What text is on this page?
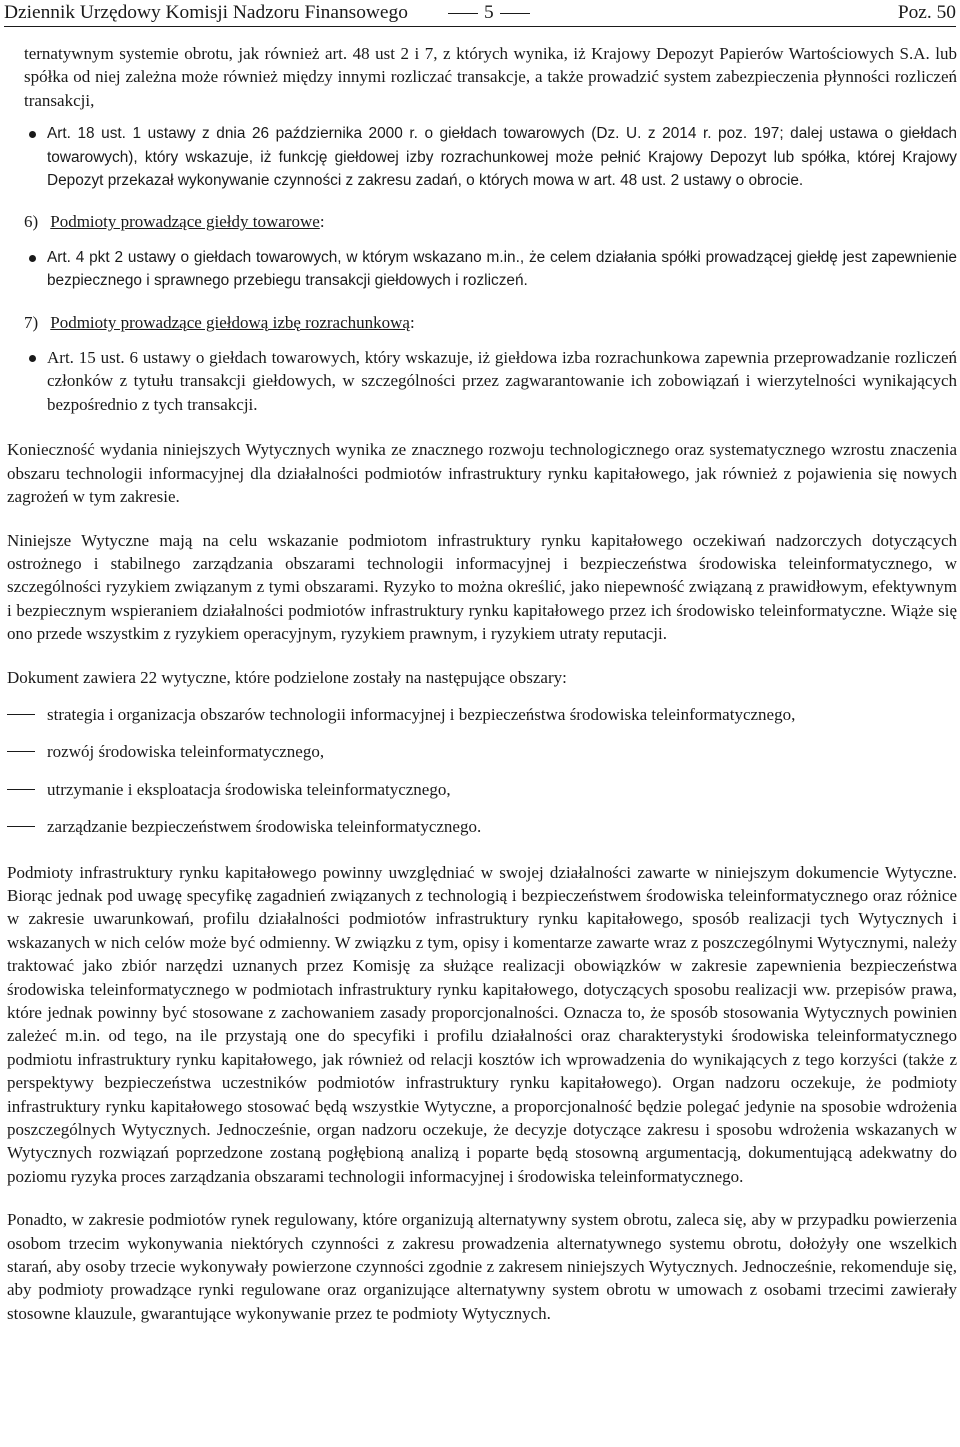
Dziennik Urzędowy Komisji Nadzoru Finansowego	5	Poz. 50

ternatywnym systemie obrotu, jak również art. 48 ust 2 i 7, z których wynika, iż Krajowy Depozyt Papierów Wartościowych S.A. lub spółka od niej zależna może również między innymi rozliczać transakcje, a także prowadzić system zabezpieczenia płynności rozliczeń transakcji,

Art. 18 ust. 1 ustawy z dnia 26 października 2000 r. o giełdach towarowych (Dz. U. z 2014 r. poz. 197; dalej ustawa o giełdach towarowych), który wskazuje, iż funkcję giełdowej izby rozrachunkowej może pełnić Krajowy Depozyt lub spółka, której Krajowy Depozyt przekazał wykonywanie czynności z zakresu zadań, o których mowa w art. 48 ust. 2 ustawy o obrocie.

6) Podmioty prowadzące giełdy towarowe:

Art. 4 pkt 2 ustawy o giełdach towarowych, w którym wskazano m.in., że celem działania spółki prowadzącej giełdę jest zapewnienie bezpiecznego i sprawnego przebiegu transakcji giełdowych i rozliczeń.

7) Podmioty prowadzące giełdową izbę rozrachunkową:

Art. 15 ust. 6 ustawy o giełdach towarowych, który wskazuje, iż giełdowa izba rozrachunkowa zapewnia przeprowadzanie rozliczeń członków z tytułu transakcji giełdowych, w szczególności przez zagwarantowanie ich zobowiązań i wierzytelności wynikających bezpośrednio z tych transakcji.

Konieczność wydania niniejszych Wytycznych wynika ze znacznego rozwoju technologicznego oraz systematycznego wzrostu znaczenia obszaru technologii informacyjnej dla działalności podmiotów infrastruktury rynku kapitałowego, jak również z pojawienia się nowych zagrożeń w tym zakresie.

Niniejsze Wytyczne mają na celu wskazanie podmiotom infrastruktury rynku kapitałowego oczekiwań nadzorczych dotyczących ostrożnego i stabilnego zarządzania obszarami technologii informacyjnej i bezpieczeństwa środowiska teleinformatycznego, w szczególności ryzykiem związanym z tymi obszarami. Ryzyko to można określić, jako niepewność związaną z prawidłowym, efektywnym i bezpiecznym wspieraniem działalności podmiotów infrastruktury rynku kapitałowego przez ich środowisko teleinformatyczne. Wiąże się ono przede wszystkim z ryzykiem operacyjnym, ryzykiem prawnym, i ryzykiem utraty reputacji.

Dokument zawiera 22 wytyczne, które podzielone zostały na następujące obszary:

strategia i organizacja obszarów technologii informacyjnej i bezpieczeństwa środowiska teleinformatycznego,

rozwój środowiska teleinformatycznego,

utrzymanie i eksploatacja środowiska teleinformatycznego,

zarządzanie bezpieczeństwem środowiska teleinformatycznego.

Podmioty infrastruktury rynku kapitałowego powinny uwzględniać w swojej działalności zawarte w niniejszym dokumencie Wytyczne. Biorąc jednak pod uwagę specyfikę zagadnień związanych z technologią i bezpieczeństwem środowiska teleinformatycznego oraz różnice w zakresie uwarunkowań, profilu działalności podmiotów infrastruktury rynku kapitałowego, sposób realizacji tych Wytycznych i wskazanych w nich celów może być odmienny. W związku z tym, opisy i komentarze zawarte wraz z poszczególnymi Wytycznymi, należy traktować jako zbiór narzędzi uznanych przez Komisję za służące realizacji obowiązków w zakresie zapewnienia bezpieczeństwa środowiska teleinformatycznego w podmiotach infrastruktury rynku kapitałowego, dotyczących sposobu realizacji ww. przepisów prawa, które jednak powinny być stosowane z zachowaniem zasady proporcjonalności. Oznacza to, że sposób stosowania Wytycznych powinien zależeć m.in. od tego, na ile przystają one do specyfiki i profilu działalności oraz charakterystyki środowiska teleinformatycznego podmiotu infrastruktury rynku kapitałowego, jak również od relacji kosztów ich wprowadzenia do wynikających z tego korzyści (także z perspektywy bezpieczeństwa uczestników podmiotów infrastruktury rynku kapitałowego). Organ nadzoru oczekuje, że podmioty infrastruktury rynku kapitałowego stosować będą wszystkie Wytyczne, a proporcjonalność będzie polegać jedynie na sposobie wdrożenia poszczególnych Wytycznych. Jednocześnie, organ nadzoru oczekuje, że decyzje dotyczące zakresu i sposobu wdrożenia wskazanych w Wytycznych rozwiązań poprzedzone zostaną pogłębioną analizą i poparte będą stosowną argumentacją, dokumentującą adekwatny do poziomu ryzyka proces zarządzania obszarami technologii informacyjnej i środowiska teleinformatycznego.

Ponadto, w zakresie podmiotów rynek regulowany, które organizują alternatywny system obrotu, zaleca się, aby w przypadku powierzenia osobom trzecim wykonywania niektórych czynności z zakresu prowadzenia alternatywnego systemu obrotu, dołożyły one wszelkich starań, aby osoby trzecie wykonywały powierzone czynności zgodnie z zakresem niniejszych Wytycznych. Jednocześnie, rekomenduje się, aby podmioty prowadzące rynki regulowane oraz organizujące alternatywny system obrotu w umowach z osobami trzecimi zawierały stosowne klauzule, gwarantujące wykonywanie przez te podmioty Wytycznych.
